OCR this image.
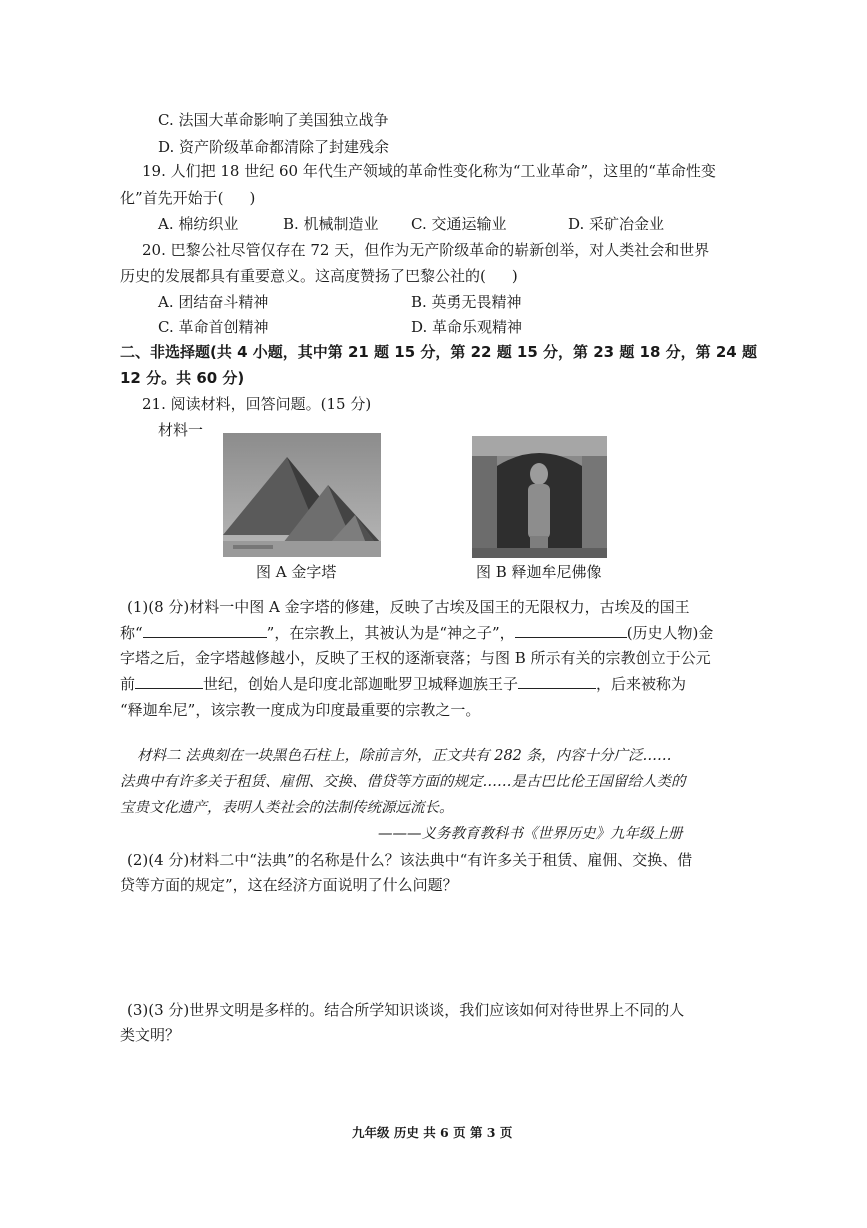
C. 法国大革命影响了美国独立战争
D. 资产阶级革命都清除了封建残余
19. 人们把 18 世纪 60 年代生产领域的革命性变化称为“工业革命”，这里的“革命性变
化”首先开始于( )
A. 棉纺织业	B. 机械制造业 C. 交通运输业	D. 采矿冶金业
20. 巴黎公社尽管仅存在 72 天，但作为无产阶级革命的崭新创举，对人类社会和世界
历史的发展都具有重要意义。这高度赞扬了巴黎公社的( )
A. 团结奋斗精神	B. 英勇无畏精神
C. 革命首创精神	D. 革命乐观精神
二、非选择题(共 4 小题，其中第 21 题 15 分，第 22 题 15 分，第 23 题 18 分，第 24 题
12 分。共 60 分)
21. 阅读材料，回答问题。(15 分)
材料一
图 A 金字塔	图 B 释迦牟尼佛像
(1)(8 分)材料一中图 A 金字塔的修建，反映了古埃及国王的无限权力，古埃及的国王
称“	”，在宗教上，其被认为是“神之子”，	(历史人物)金
字塔之后，金字塔越修越小，反映了王权的逐渐衰落；与图 B 所示有关的宗教创立于公元
前	世纪，创始人是印度北部迦毗罗卫城释迦族王子	，后来被称为
“释迦牟尼”，该宗教一度成为印度最重要的宗教之一。
材料二 法典刻在一块黑色石柱上，除前言外，正文共有 282 条，内容十分广泛……
法典中有许多关于租赁、雇佣、交换、借贷等方面的规定……是古巴比伦王国留给人类的
宝贵文化遗产，表明人类社会的法制传统源远流长。
———义务教育教科书《世界历史》九年级上册
(2)(4 分)材料二中“法典”的名称是什么？该法典中“有许多关于租赁、雇佣、交换、借
贷等方面的规定”，这在经济方面说明了什么问题？
(3)(3 分)世界文明是多样的。结合所学知识谈谈，我们应该如何对待世界上不同的人
类文明？
九年级 历史 共 6 页 第 3 页
